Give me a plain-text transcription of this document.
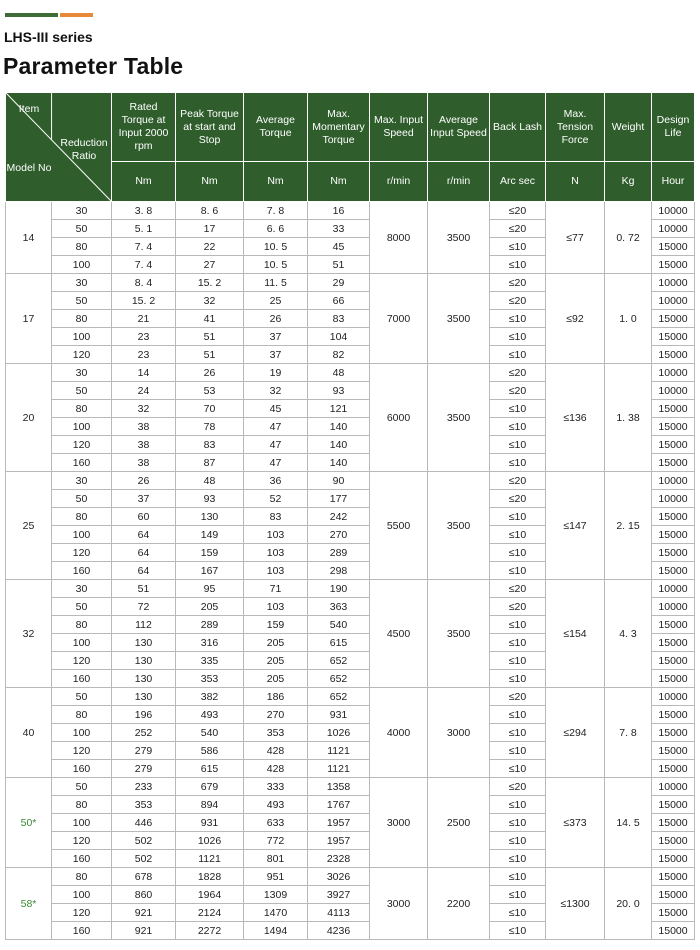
LHS-III series
Parameter Table
Item
Reduction Ratio
Model No		Rated Torque at Input 2000 rpm	Peak Torque at start and Stop	Average Torque	Max. Momentary Torque	Max. Input Speed	Average Input Speed	Back Lash	Max. Tension Force	Weight	Design Life
		Nm	Nm	Nm	Nm	r/min	r/min	Arc sec	N	Kg	Hour
14	30	3. 8	8. 6	7. 8	16	8000	3500	≤20	≤77	0. 72	10000
	50	5. 1	17	6. 6	33			≤20			10000
	80	7. 4	22	10. 5	45			≤10			15000
	100	7. 4	27	10. 5	51			≤10			15000
17	30	8. 4	15. 2	11. 5	29	7000	3500	≤20	≤92	1. 0	10000
	50	15. 2	32	25	66			≤20			10000
	80	21	41	26	83			≤10			15000
	100	23	51	37	104			≤10			15000
	120	23	51	37	82			≤10			15000
20	30	14	26	19	48	6000	3500	≤20	≤136	1. 38	10000
	50	24	53	32	93			≤20			10000
	80	32	70	45	121			≤10			15000
	100	38	78	47	140			≤10			15000
	120	38	83	47	140			≤10			15000
	160	38	87	47	140			≤10			15000
25	30	26	48	36	90	5500	3500	≤20	≤147	2. 15	10000
	50	37	93	52	177			≤20			10000
	80	60	130	83	242			≤10			15000
	100	64	149	103	270			≤10			15000
	120	64	159	103	289			≤10			15000
	160	64	167	103	298			≤10			15000
32	30	51	95	71	190	4500	3500	≤20	≤154	4. 3	10000
	50	72	205	103	363			≤20			10000
	80	112	289	159	540			≤10			15000
	100	130	316	205	615			≤10			15000
	120	130	335	205	652			≤10			15000
	160	130	353	205	652			≤10			15000
40	50	130	382	186	652	4000	3000	≤20	≤294	7. 8	10000
	80	196	493	270	931			≤10			15000
	100	252	540	353	1026			≤10			15000
	120	279	586	428	1121			≤10			15000
	160	279	615	428	1121			≤10			15000
50*	50	233	679	333	1358	3000	2500	≤20	≤373	14. 5	10000
	80	353	894	493	1767			≤10			15000
	100	446	931	633	1957			≤10			15000
	120	502	1026	772	1957			≤10			15000
	160	502	1121	801	2328			≤10			15000
58*	80	678	1828	951	3026	3000	2200	≤10	≤1300	20. 0	15000
	100	860	1964	1309	3927			≤10			15000
	120	921	2124	1470	4113			≤10			15000
	160	921	2272	1494	4236			≤10			15000
